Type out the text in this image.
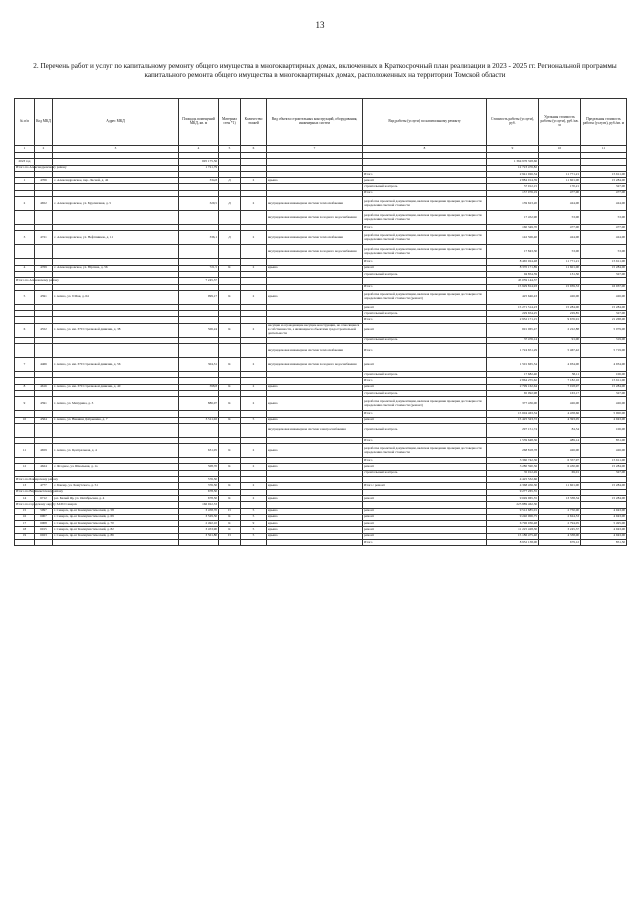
13
2. Перечень работ и услуг по капитальному ремонту общего имущества в многоквартирных домах, включенных в Краткосрочный план реализации в 2023 - 2025 гг. Региональной программы капитального ремонта общего имущества в многоквартирных домах, расположенных на территории Томской области
№ п/п	Код МКД	Адрес МКД	Площадь помещений МКД, кв. м	Материал стен *1)	Количество этажей	Вид объекта строительных конструкций, оборудования, инженерных систем	Вид работы (услуги) по капитальному ремонту	Стоимость работы (услуги), руб.	Удельная стоимость работы (услуги), руб./кв. м	Предельная стоимость работы (услуги), руб./кв. м
1	2	3	4	5	6	7	8	9	10	11

2023 год			695 175,56					1 364 976 328,66		
Итого по Александровскому району			1 721,79					12 723 476,82		
							Итого	2 941 026,54	11 771,21	15 611,00
1	4706	с. Александровское, пер. Лесной, д. 42	334,8	Д	2	крыша	ремонт	2 884 014,39	11 601,00	15 284,00
							строительный контроль	57 012,15	170,21	327,00
							Итого	157 076,19	477,00	477,00
2	4652	с. Александровское, ул. Брусничная, д. 5	329,5	Д	2	внутридомовая инженерная система теплоснабжения	разработка проектной документации, включая проведение проверки достоверности определения сметной стоимости	139 623,20	424,00	424,00
						внутридомовая инженерная система холодного водоснабжения	разработка проектной документации, включая проведение проверки достоверности определения сметной стоимости	17 452,90	53,00	53,00
							Итого	160 349,70	477,00	477,00
3	4721	с. Александровское, ул. Нефтяников, д. 11	336,1	Д	2	внутридомовая инженерная система теплоснабжения	разработка проектной документации, включая проведение проверки достоверности определения сметной стоимости	142 506,40	424,00	424,00
						внутридомовая инженерная система холодного водоснабжения	разработка проектной документации, включая проведение проверки достоверности определения сметной стоимости	17 843,30	53,00	53,00
							Итого	8 465 024,48	11 771,21	15 611,00
4	4769	с. Александровское, ул. Юргина, д. 56	721,5	К	2	крыша	ремонт	8 370 171,89	11 601,00	15 284,00
							строительный контроль	94 854,59	131,50	327,00
Итого по Асиновскому району			7 245,37					45 059 144,37		
							Итого	15 929 814,93	15 939,53	16 037,00
5	4591	г. Асино, ул. 9 Мая, д. 64	999,17	К	2	крыша	разработка проектной документации, включая проведение проверки достоверности определения сметной стоимости (ремонт)	425 646,43	426,00	426,00
							ремонт	15 271 514,23	15 284,00	15 284,00
							строительный контроль	229 654,25	229,85	327,00
							Итого	2 952 171,15	9 676,91	21 268,00
6	4552	г. Асино, ул. им. 370 Стрелковой дивизии, д. 38	506,24	К	2	несущие и ограждающие несущие конструкции, не относящиеся к собственности, а являющиеся объектами градостроительной деятельности	ремонт	691 065,47	2 222,88	5 079,00
							строительный контроль	37 476,14	91,00	319,00
						внутридомовая инженерная система теплоснабжения	Итого	1 724 651,29	5 467,42	5 719,00
7	4466	г. Асино, ул. им. 370 Стрелковой дивизии, д. 56	304,31	К	2	внутридомовая инженерная система холодного водоснабжения	ремонт	1 501 665,54	4 934,00	4 934,00
							строительный контроль	17 682,40	58,11	106,00
							Итого	2 864 255,62	7 182,16	15 611,00
8	4616	г. Асино, ул. им. 370 Стрелковой дивизии, д. 40	398,8	К	2	крыша	ремонт	2 799 162,64	7 018,97	15 284,00
							строительный контроль	65 092,98	163,17	327,00
9	4591	г. Асино, ул. Мичурина, д. 3	886,07	К	2	крыша	разработка проектной документации, включая проведение проверки достоверности определения сметной стоимости (ремонт)	377 436,00	426,00	426,00
							Итого	15 604 463,34	4 458,66	5 900,00
10	4564	г. Асино, ул. Никиши Добрынина, д. 7	3 511,02	К	5	крыша	ремонт	15 425 323,72	4 393,05	4 943,00
						внутридомовая инженерная система электроснабжения	строительный контроль	297 151,74	84,54	106,00
							Итого	1 539 648,36	489,14	851,00
11	4659	г. Асино, ул. Центральная, д. 4	631,05	К	2	крыша	разработка проектной документации, включая проведение проверки достоверности определения сметной стоимости	268 818,78	426,00	426,00
							Итого	3 360 742,36	6 357,97	15 611,00
12	4624	с. Ягодное, ул. Школьная, д. 1а	508,70	К	2	крыша	ремонт	3 280 590,56	6 430,00	15 284,00
							строительный контроль	35 012,49	69,01	327,00
Итого по Бакчарскому району			576,50					4 425 532,66		
13	4777	с. Бакчар, ул. Хомутского, д. 51	376,50	К	2	крыша	Итого / ремонт	4 368 456,30	11 601,00	15 284,00
Итого по Верхнекетскому району			678,50					9 277 265,55		
14	6712	р.п. Белый Яр, ул. Октябрьская, д. 4	678,50	К	2	крыша	ремонт	9 049 965,55	13 338,34	15 284,00
Итого по городскому округу ЗАТО Северск			166 922,33					225 889 462,30		
15	5997	г. Северск, пр-кт Коммунистический, д. 58	3 458,70	П	5	крыша	ремонт	9 512 685,01	2 750,00	4 943,00
16	6007	г. Северск, пр-кт Коммунистический, д. 69	3 529,50	К	5	крыша	ремонт	9 240 006,75	2 624,53	4 943,00
17	6008	г. Северск, пр-кт Коммунистический, д. 70	2 492,10	К	9	крыша	ремонт	6 796 036,48	2 794,05	5 495,00
18	6015	г. Северск, пр-кт Коммунистический, д. 82	3 453,90	К	5	крыша	ремонт	11 225 428,30	3 245,37	4 943,00
19	6023	г. Северск, пр-кт Коммунистический, д. 86	3 501,80	П	5	крыша	ремонт	15 186 475,40	4 338,00	4 943,00
							Итого	8 952 138,00	679,12	851,50
